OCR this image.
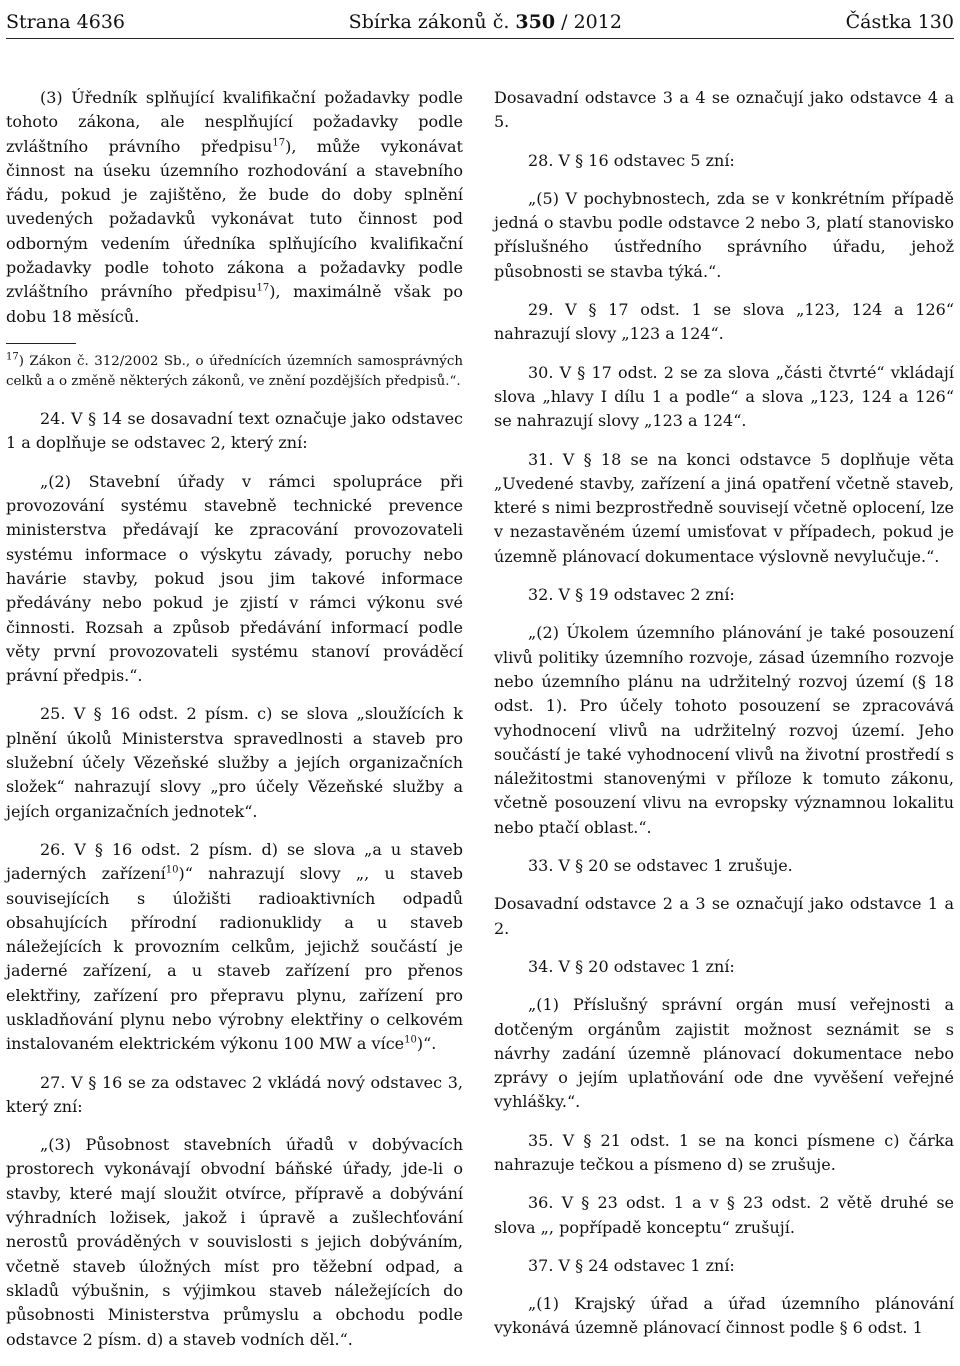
Strana 4636	Sbírka zákonů č. 350 / 2012	Částka 130

(3) Úředník splňující kvalifikační požadavky podle tohoto zákona, ale nesplňující požadavky podle zvláštního právního předpisu$^{17}$), může vykonávat činnost na úseku územního rozhodování a stavebního řádu, pokud je zajištěno, že bude do doby splnění uvedených požadavků vykonávat tuto činnost pod odborným vedením úředníka splňujícího kvalifikační požadavky podle tohoto zákona a požadavky podle zvláštního právního předpisu$^{17}$), maximálně však po dobu 18 měsíců.

$^{17}$) Zákon č. 312/2002 Sb., o úřednících územních samosprávných celků a o změně některých zákonů, ve znění pozdějších předpisů.“.

24. V § 14 se dosavadní text označuje jako odstavec 1 a doplňuje se odstavec 2, který zní:

„(2) Stavební úřady v rámci spolupráce při provozování systému stavebně technické prevence ministerstva předávají ke zpracování provozovateli systému informace o výskytu závady, poruchy nebo havárie stavby, pokud jsou jim takové informace předávány nebo pokud je zjistí v rámci výkonu své činnosti. Rozsah a způsob předávání informací podle věty první provozovateli systému stanoví prováděcí právní předpis.“.

25. V § 16 odst. 2 písm. c) se slova „sloužících k plnění úkolů Ministerstva spravedlnosti a staveb pro služební účely Vězeňské služby a jejích organizačních složek“ nahrazují slovy „pro účely Vězeňské služby a jejích organizačních jednotek“.

26. V § 16 odst. 2 písm. d) se slova „a u staveb jaderných zařízení$^{10}$)“ nahrazují slovy „, u staveb souvisejících s úložišti radioaktivních odpadů obsahujících přírodní radionuklidy a u staveb náležejících k provozním celkům, jejichž součástí je jaderné zařízení, a u staveb zařízení pro přenos elektřiny, zařízení pro přepravu plynu, zařízení pro uskladňování plynu nebo výrobny elektřiny o celkovém instalovaném elektrickém výkonu 100 MW a více$^{10}$)“.

27. V § 16 se za odstavec 2 vkládá nový odstavec 3, který zní:

„(3) Působnost stavebních úřadů v dobývacích prostorech vykonávají obvodní báňské úřady, jde-li o stavby, které mají sloužit otvírce, přípravě a dobývání výhradních ložisek, jakož i úpravě a zušlechťování nerostů prováděných v souvislosti s jejich dobýváním, včetně staveb úložných míst pro těžební odpad, a skladů výbušnin, s výjimkou staveb náležejících do působnosti Ministerstva průmyslu a obchodu podle odstavce 2 písm. d) a staveb vodních děl.“.

Dosavadní odstavce 3 a 4 se označují jako odstavce 4 a 5.

28. V § 16 odstavec 5 zní:

„(5) V pochybnostech, zda se v konkrétním případě jedná o stavbu podle odstavce 2 nebo 3, platí stanovisko příslušného ústředního správního úřadu, jehož působnosti se stavba týká.“.

29. V § 17 odst. 1 se slova „123, 124 a 126“ nahrazují slovy „123 a 124“.

30. V § 17 odst. 2 se za slova „části čtvrté“ vkládají slova „hlavy I dílu 1 a podle“ a slova „123, 124 a 126“ se nahrazují slovy „123 a 124“.

31. V § 18 se na konci odstavce 5 doplňuje věta „Uvedené stavby, zařízení a jiná opatření včetně staveb, které s nimi bezprostředně souvisejí včetně oplocení, lze v nezastavěném území umisťovat v případech, pokud je územně plánovací dokumentace výslovně nevylučuje.“.

32. V § 19 odstavec 2 zní:

„(2) Úkolem územního plánování je také posouzení vlivů politiky územního rozvoje, zásad územního rozvoje nebo územního plánu na udržitelný rozvoj území (§ 18 odst. 1). Pro účely tohoto posouzení se zpracovává vyhodnocení vlivů na udržitelný rozvoj území. Jeho součástí je také vyhodnocení vlivů na životní prostředí s náležitostmi stanovenými v příloze k tomuto zákonu, včetně posouzení vlivu na evropsky významnou lokalitu nebo ptačí oblast.“.

33. V § 20 se odstavec 1 zrušuje.

Dosavadní odstavce 2 a 3 se označují jako odstavce 1 a 2.

34. V § 20 odstavec 1 zní:

„(1) Příslušný správní orgán musí veřejnosti a dotčeným orgánům zajistit možnost seznámit se s návrhy zadání územně plánovací dokumentace nebo zprávy o jejím uplatňování ode dne vyvěšení veřejné vyhlášky.“.

35. V § 21 odst. 1 se na konci písmene c) čárka nahrazuje tečkou a písmeno d) se zrušuje.

36. V § 23 odst. 1 a v § 23 odst. 2 větě druhé se slova „, popřípadě konceptu“ zrušují.

37. V § 24 odstavec 1 zní:

„(1) Krajský úřad a úřad územního plánování vykonává územně plánovací činnost podle § 6 odst. 1
